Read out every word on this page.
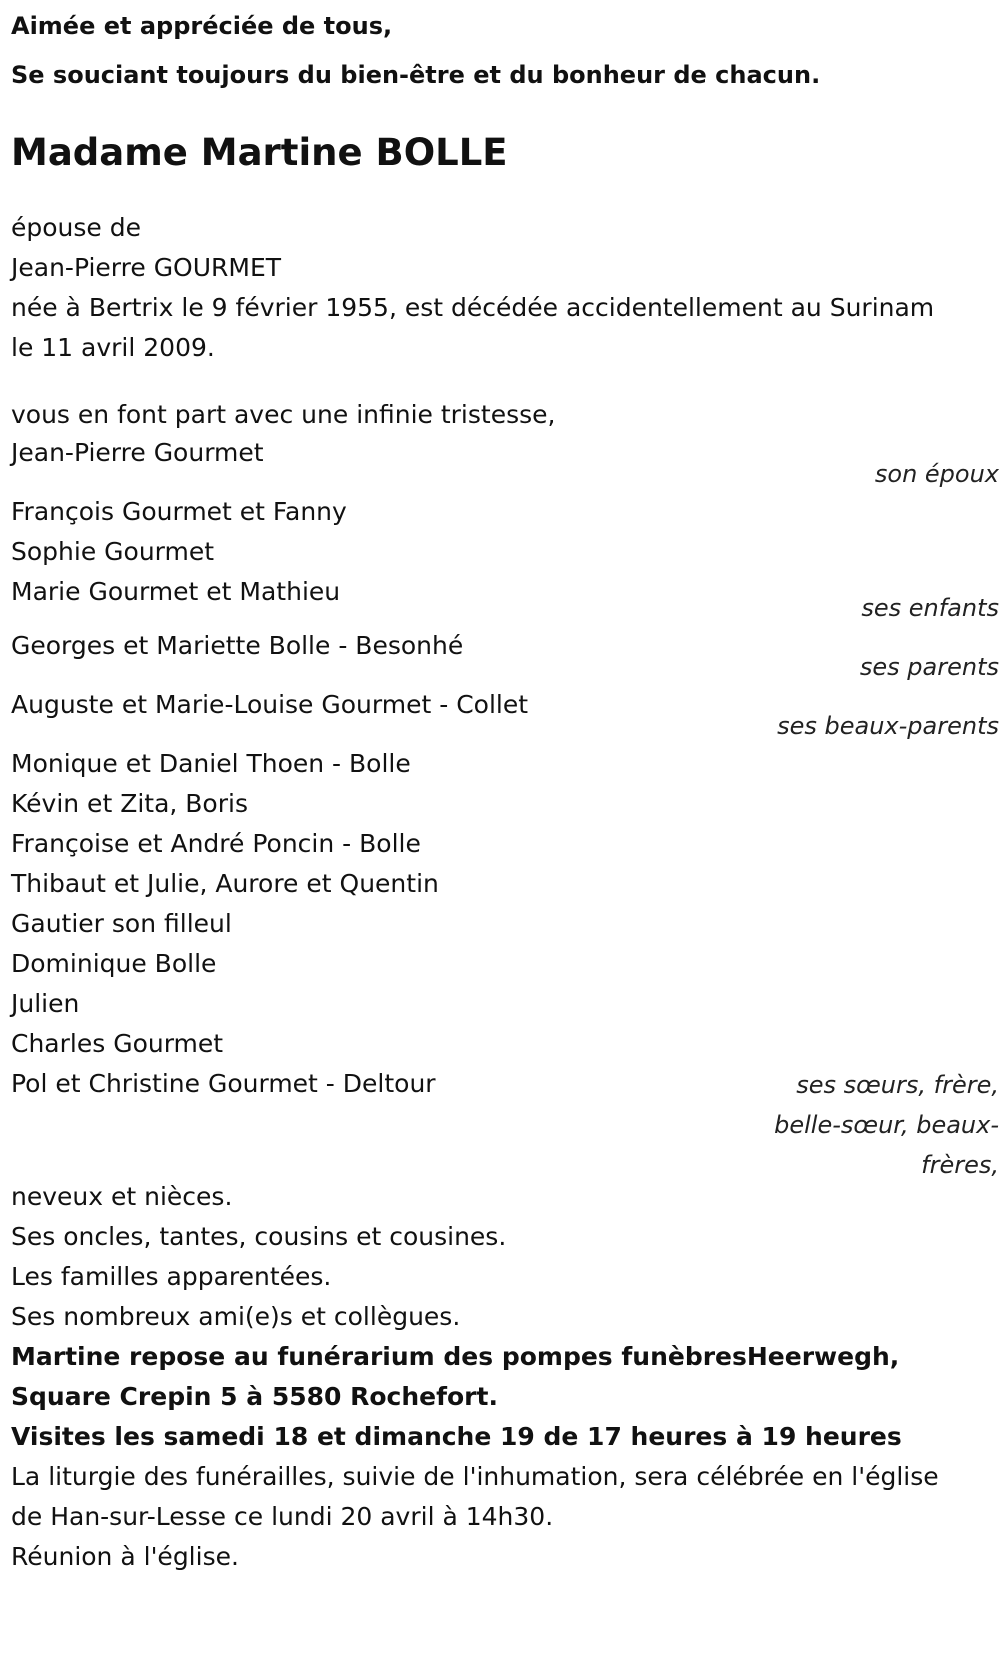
Aimée et appréciée de tous,
Se souciant toujours du bien-être et du bonheur de chacun.
Madame Martine BOLLE
épouse de
Jean-Pierre GOURMET
née à Bertrix le 9 février 1955, est décédée accidentellement au Surinam
le 11 avril 2009.
vous en font part avec une infinie tristesse,
Jean-Pierre Gourmet
son époux
François Gourmet et Fanny
Sophie Gourmet
Marie Gourmet et Mathieu
ses enfants
Georges et Mariette Bolle - Besonhé
ses parents
Auguste et Marie-Louise Gourmet - Collet
ses beaux-parents
Monique et Daniel Thoen - Bolle
Kévin et Zita, Boris
Françoise et André Poncin - Bolle
Thibaut et Julie, Aurore et Quentin
Gautier son filleul
Dominique Bolle
Julien
Charles Gourmet
Pol et Christine Gourmet - Deltour	ses sœurs, frère, belle-sœur, beaux-frères,
neveux et nièces.
Ses oncles, tantes, cousins et cousines.
Les familles apparentées.
Ses nombreux ami(e)s et collègues.
Martine repose au funérarium des pompes funèbresHeerwegh,
Square Crepin 5 à 5580 Rochefort.
Visites les samedi 18 et dimanche 19 de 17 heures à 19 heures
La liturgie des funérailles, suivie de l'inhumation, sera célébrée en l'église
de Han-sur-Lesse ce lundi 20 avril à 14h30.
Réunion à l'église.
